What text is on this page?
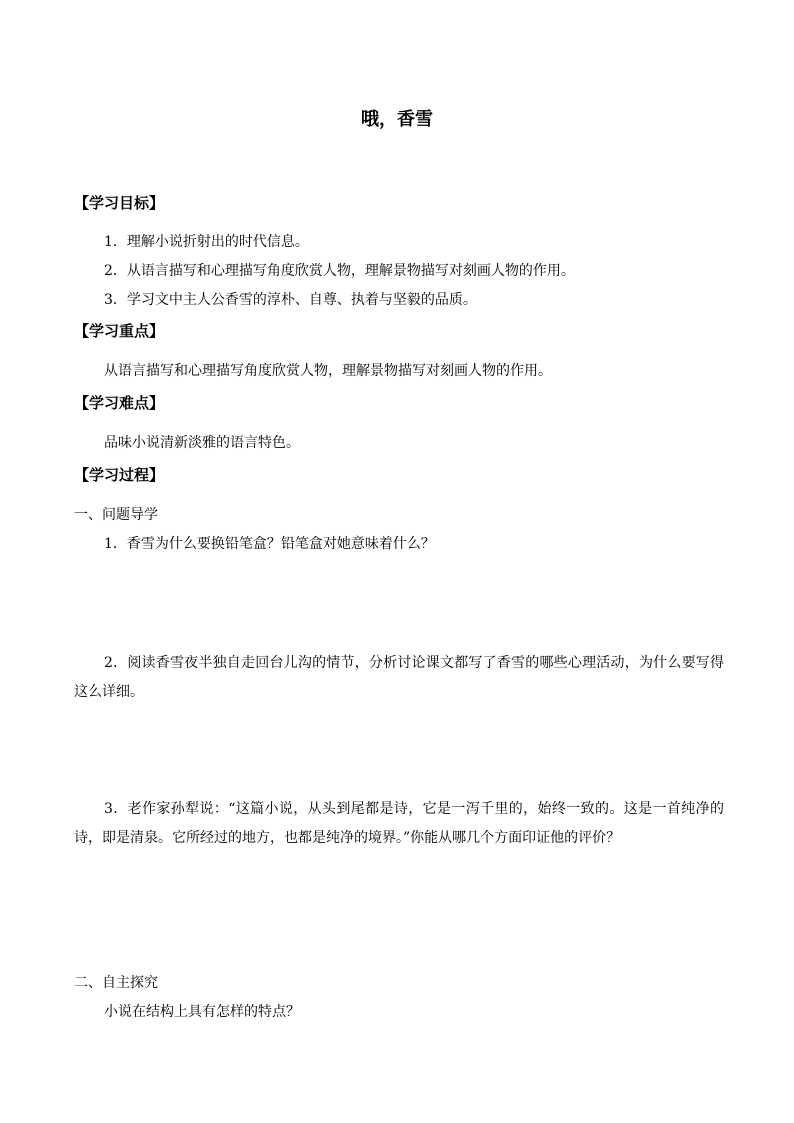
哦，香雪
【学习目标】

1．理解小说折射出的时代信息。

2．从语言描写和心理描写角度欣赏人物，理解景物描写对刻画人物的作用。

3．学习文中主人公香雪的淳朴、自尊、执着与坚毅的品质。

【学习重点】

从语言描写和心理描写角度欣赏人物，理解景物描写对刻画人物的作用。

【学习难点】

品味小说清新淡雅的语言特色。

【学习过程】

一、问题导学

1．香雪为什么要换铅笔盒？铅笔盒对她意味着什么？

2．阅读香雪夜半独自走回台儿沟的情节，分析讨论课文都写了香雪的哪些心理活动，为什么要写得这么详细。

3．老作家孙犁说：“这篇小说，从头到尾都是诗，它是一泻千里的，始终一致的。这是一首纯净的诗，即是清泉。它所经过的地方，也都是纯净的境界。”你能从哪几个方面印证他的评价？

二、自主探究

小说在结构上具有怎样的特点？
